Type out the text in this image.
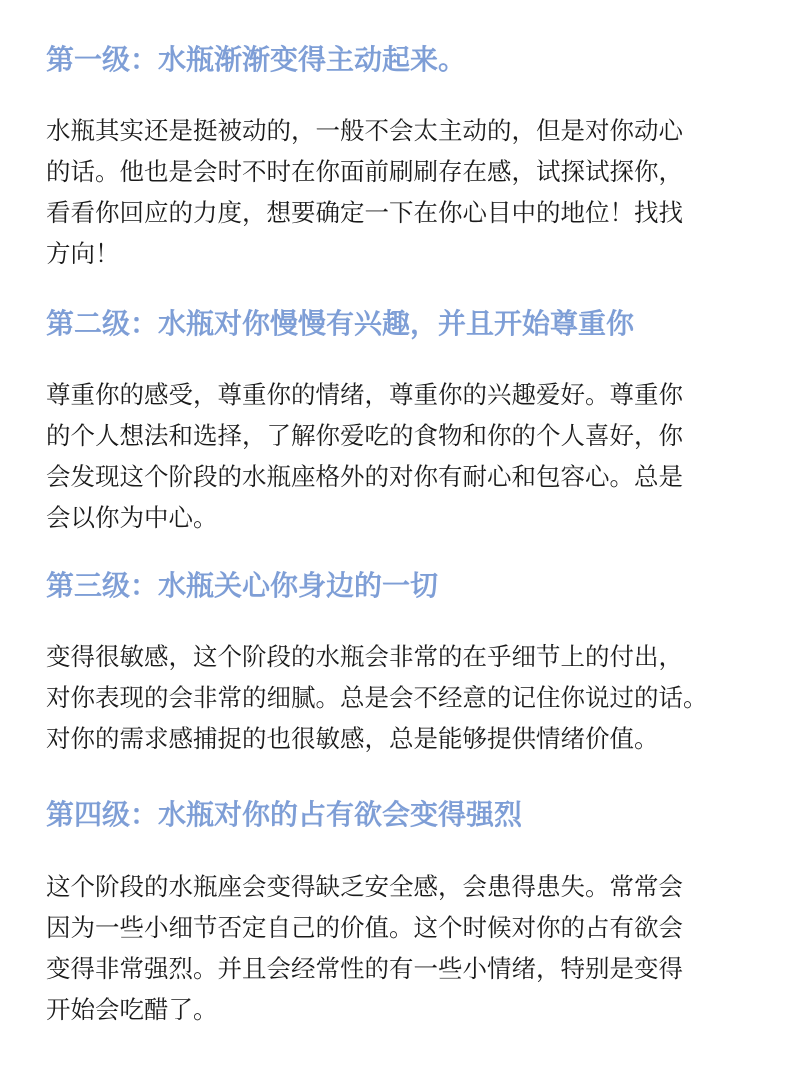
第一级：水瓶渐渐变得主动起来。
水瓶其实还是挺被动的，一般不会太主动的，但是对你动心
的话。他也是会时不时在你面前刷刷存在感，试探试探你，
看看你回应的力度，想要确定一下在你心目中的地位！找找
方向！
第二级：水瓶对你慢慢有兴趣，并且开始尊重你
尊重你的感受，尊重你的情绪，尊重你的兴趣爱好。尊重你
的个人想法和选择，了解你爱吃的食物和你的个人喜好，你
会发现这个阶段的水瓶座格外的对你有耐心和包容心。总是
会以你为中心。
第三级：水瓶关心你身边的一切
变得很敏感，这个阶段的水瓶会非常的在乎细节上的付出，
对你表现的会非常的细腻。总是会不经意的记住你说过的话。
对你的需求感捕捉的也很敏感，总是能够提供情绪价值。
第四级：水瓶对你的占有欲会变得强烈
这个阶段的水瓶座会变得缺乏安全感，会患得患失。常常会
因为一些小细节否定自己的价值。这个时候对你的占有欲会
变得非常强烈。并且会经常性的有一些小情绪，特别是变得
开始会吃醋了。
